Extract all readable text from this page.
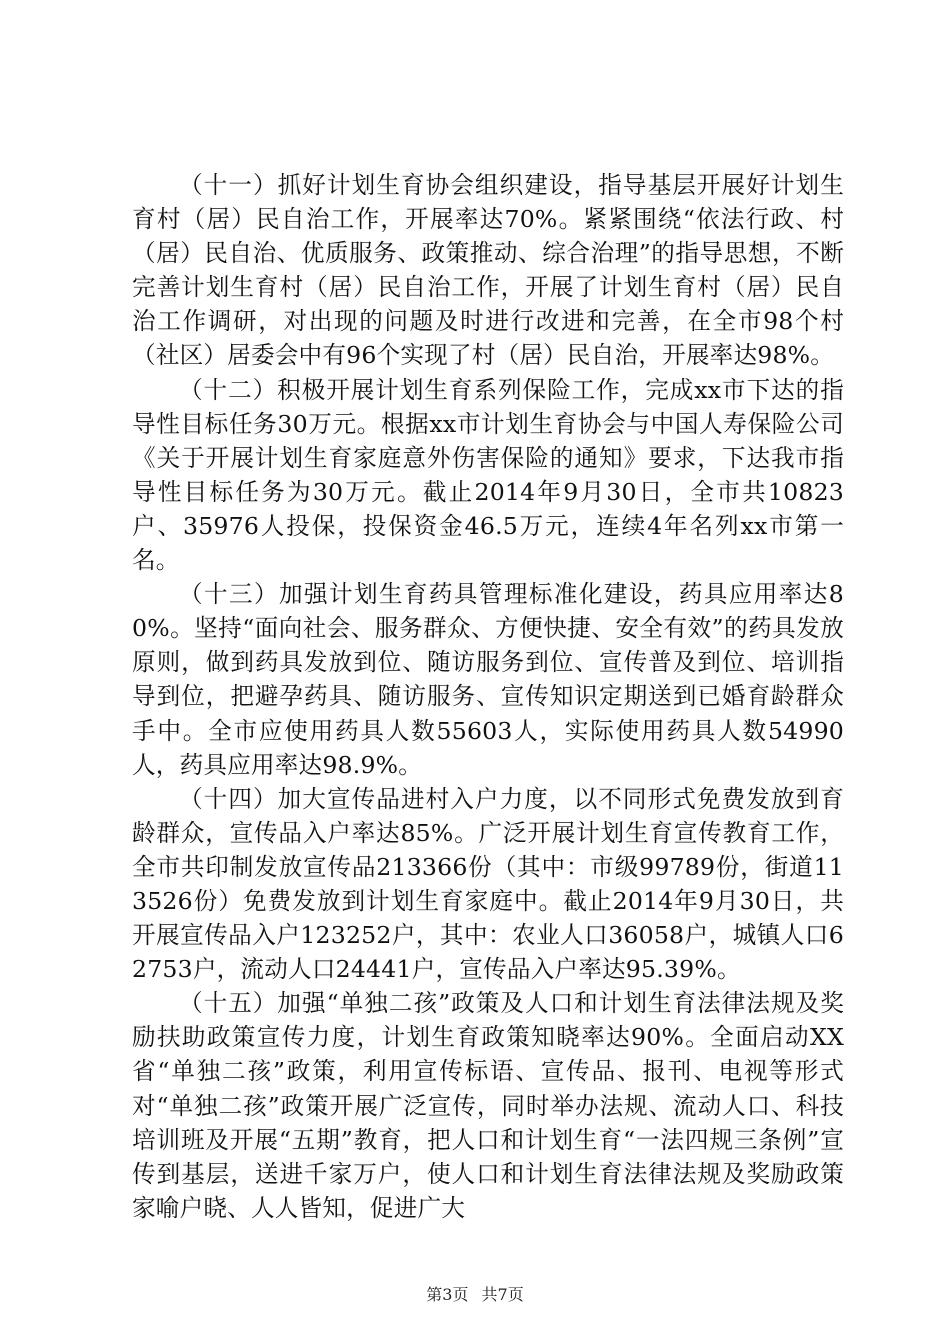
（十一）抓好计划生育协会组织建设，指导基层开展好计划生育村（居）民自治工作，开展率达70%。紧紧围绕“依法行政、村（居）民自治、优质服务、政策推动、综合治理”的指导思想，不断完善计划生育村（居）民自治工作，开展了计划生育村（居）民自治工作调研，对出现的问题及时进行改进和完善，在全市98个村（社区）居委会中有96个实现了村（居）民自治，开展率达98%。

（十二）积极开展计划生育系列保险工作，完成xx市下达的指导性目标任务30万元。根据xx市计划生育协会与中国人寿保险公司《关于开展计划生育家庭意外伤害保险的通知》要求，下达我市指导性目标任务为30万元。截止2014年9月30日，全市共10823户、35976人投保，投保资金46.5万元，连续4年名列xx市第一名。

（十三）加强计划生育药具管理标准化建设，药具应用率达80%。坚持“面向社会、服务群众、方便快捷、安全有效”的药具发放原则，做到药具发放到位、随访服务到位、宣传普及到位、培训指导到位，把避孕药具、随访服务、宣传知识定期送到已婚育龄群众手中。全市应使用药具人数55603人，实际使用药具人数54990人，药具应用率达98.9%。

（十四）加大宣传品进村入户力度，以不同形式免费发放到育龄群众，宣传品入户率达85%。广泛开展计划生育宣传教育工作，全市共印制发放宣传品213366份（其中：市级99789份，街道113526份）免费发放到计划生育家庭中。截止2014年9月30日，共开展宣传品入户123252户，其中：农业人口36058户，城镇人口62753户，流动人口24441户，宣传品入户率达95.39%。

（十五）加强“单独二孩”政策及人口和计划生育法律法规及奖励扶助政策宣传力度，计划生育政策知晓率达90%。全面启动XX省“单独二孩”政策，利用宣传标语、宣传品、报刊、电视等形式对“单独二孩”政策开展广泛宣传，同时举办法规、流动人口、科技培训班及开展“五期”教育，把人口和计划生育“一法四规三条例”宣传到基层，送进千家万户，使人口和计划生育法律法规及奖励政策家喻户晓、人人皆知，促进广大

第3页 共7页
